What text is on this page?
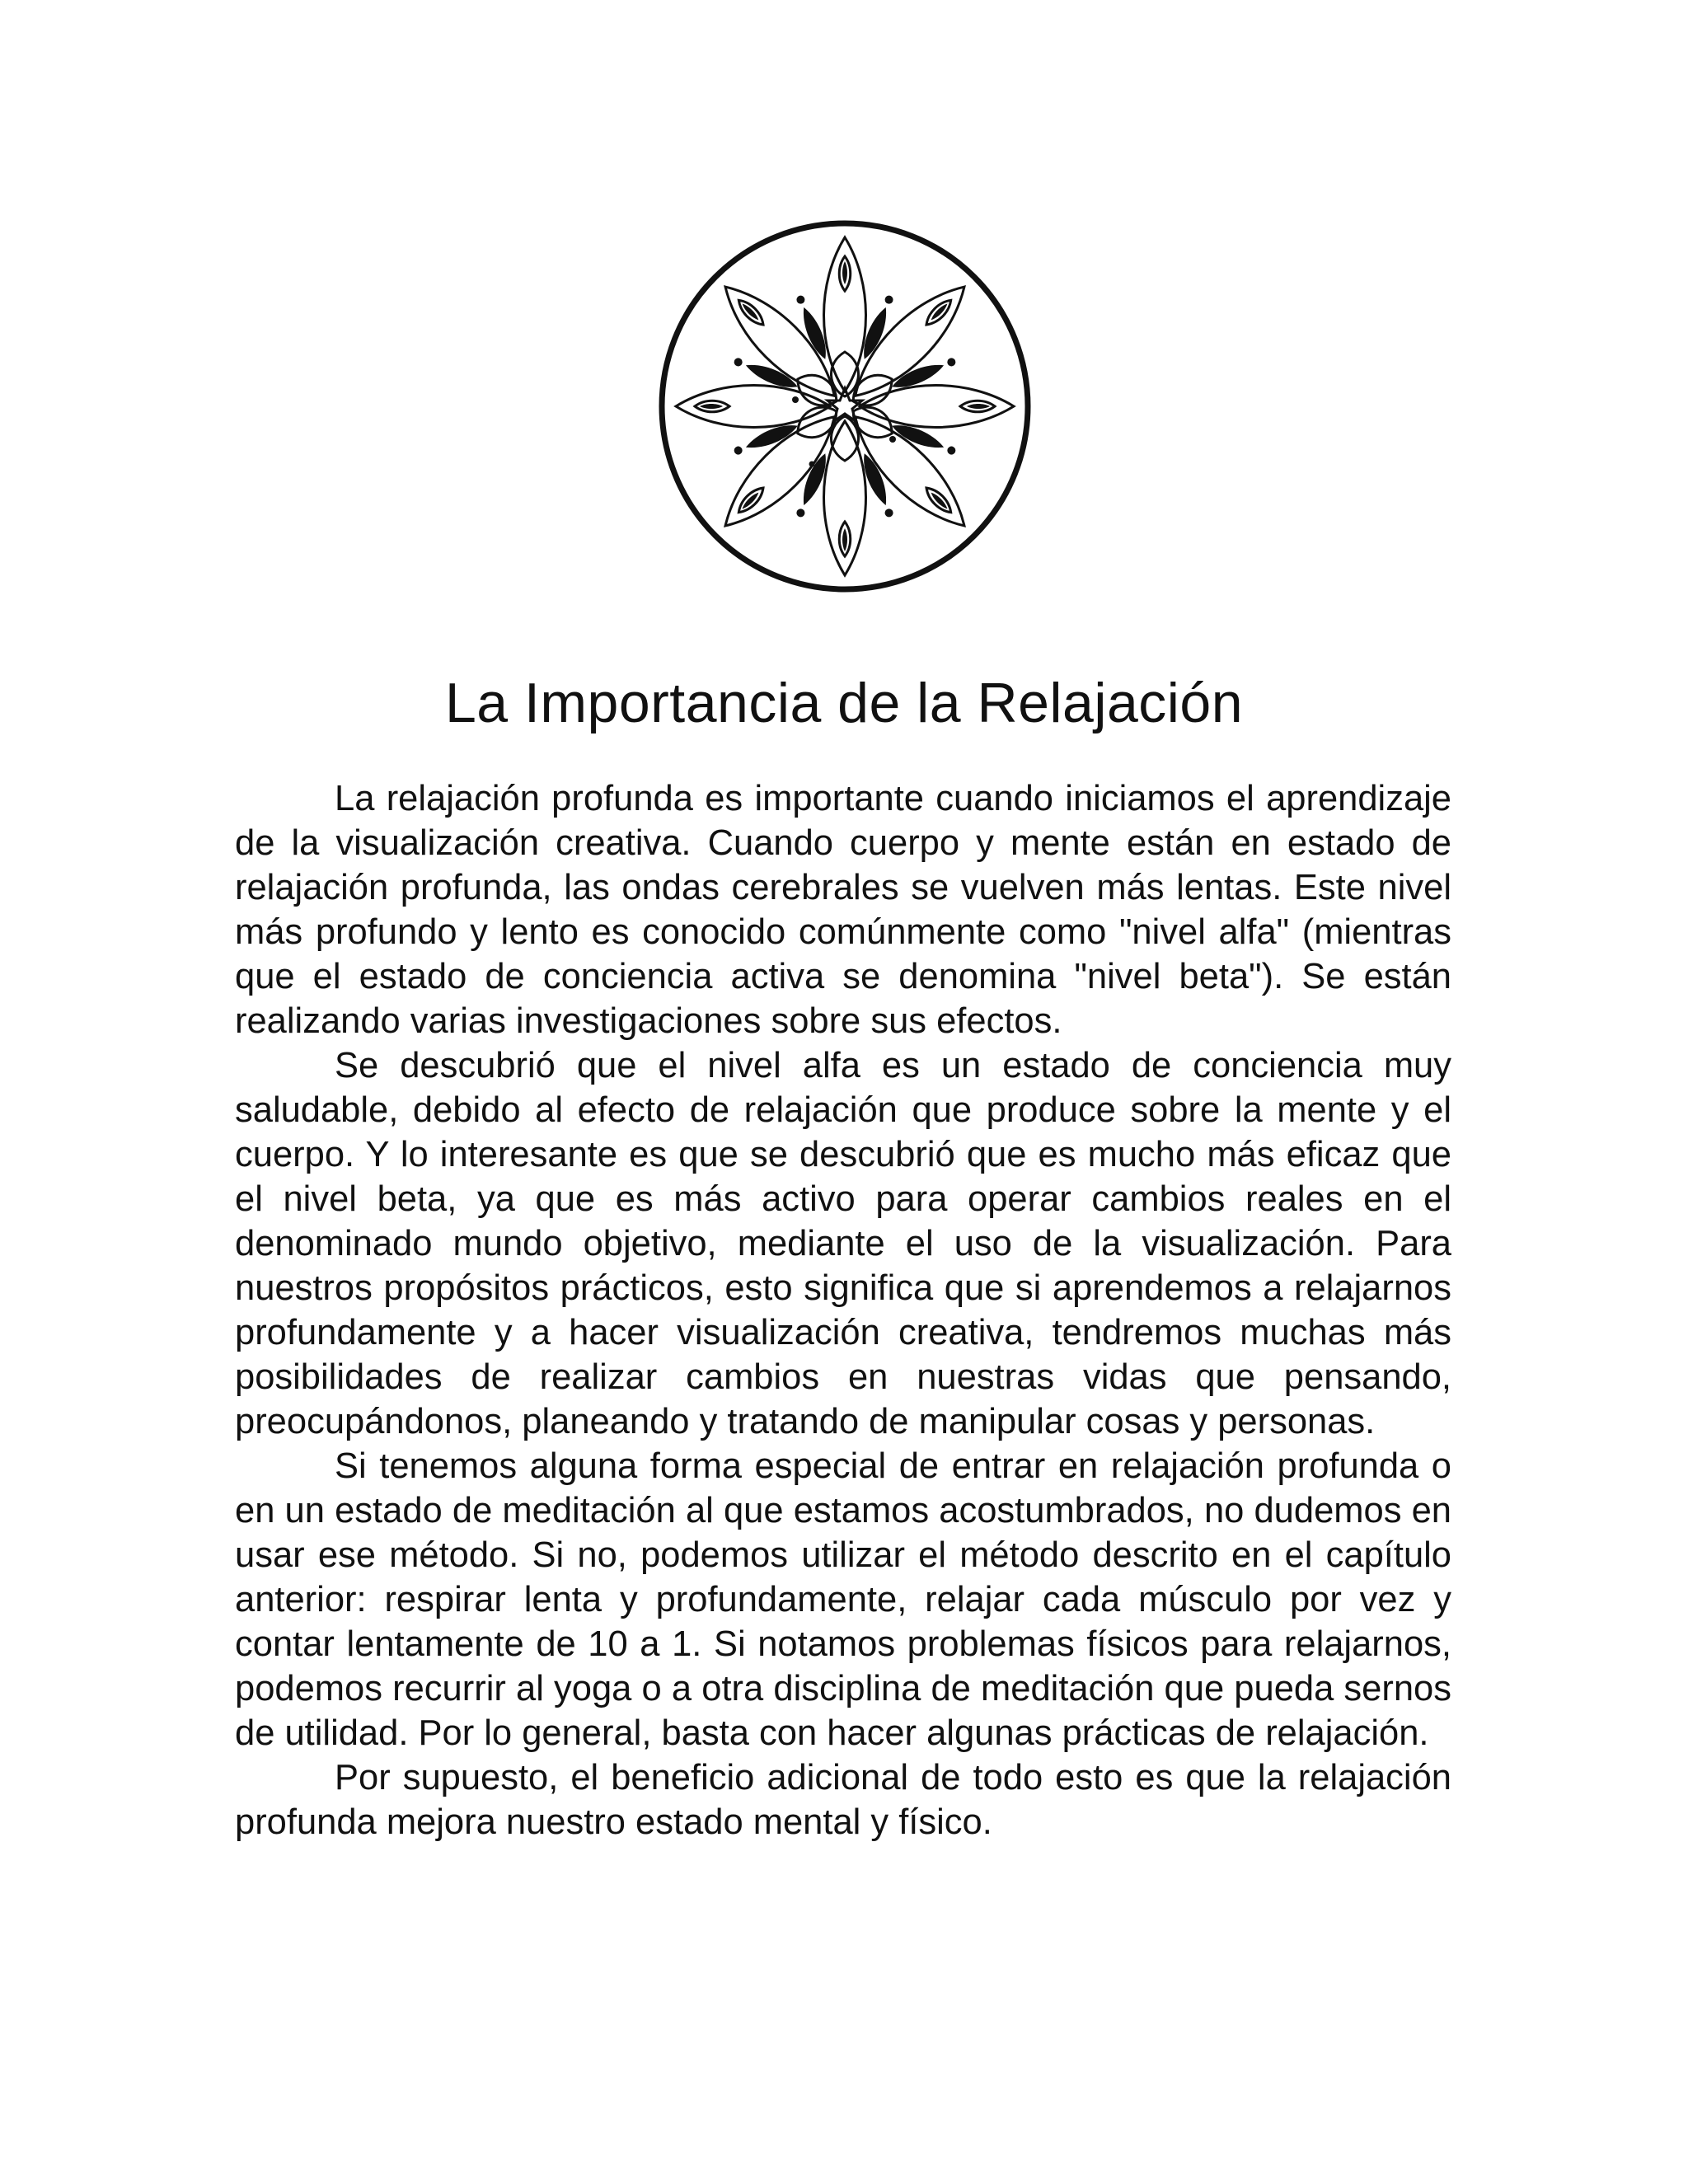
La Importancia de la Relajación

La relajación profunda es importante cuando iniciamos el aprendizaje de la visualización creativa. Cuando cuerpo y mente están en estado de relajación profunda, las ondas cerebrales se vuelven más lentas. Este nivel más profundo y lento es conocido comúnmente como "nivel alfa" (mientras que el estado de conciencia activa se denomina "nivel beta"). Se están realizando varias investigaciones sobre sus efectos.

Se descubrió que el nivel alfa es un estado de conciencia muy saludable, debido al efecto de relajación que produce sobre la mente y el cuerpo. Y lo interesante es que se descubrió que es mucho más eficaz que el nivel beta, ya que es más activo para operar cambios reales en el denominado mundo objetivo, mediante el uso de la visualización. Para nuestros propósitos prácticos, esto significa que si aprendemos a relajarnos profundamente y a hacer visualización creativa, tendremos muchas más posibilidades de realizar cambios en nuestras vidas que pensando, preocupándonos, planeando y tratando de manipular cosas y personas.

Si tenemos alguna forma especial de entrar en relajación profunda o en un estado de meditación al que estamos acostumbrados, no dudemos en usar ese método. Si no, podemos utilizar el método descrito en el capítulo anterior: respirar lenta y profundamente, relajar cada músculo por vez y contar lentamente de 10 a 1. Si notamos problemas físicos para relajarnos, podemos recurrir al yoga o a otra disciplina de meditación que pueda sernos de utilidad. Por lo general, basta con hacer algunas prácticas de relajación.

Por supuesto, el beneficio adicional de todo esto es que la relajación profunda mejora nuestro estado mental y físico.
